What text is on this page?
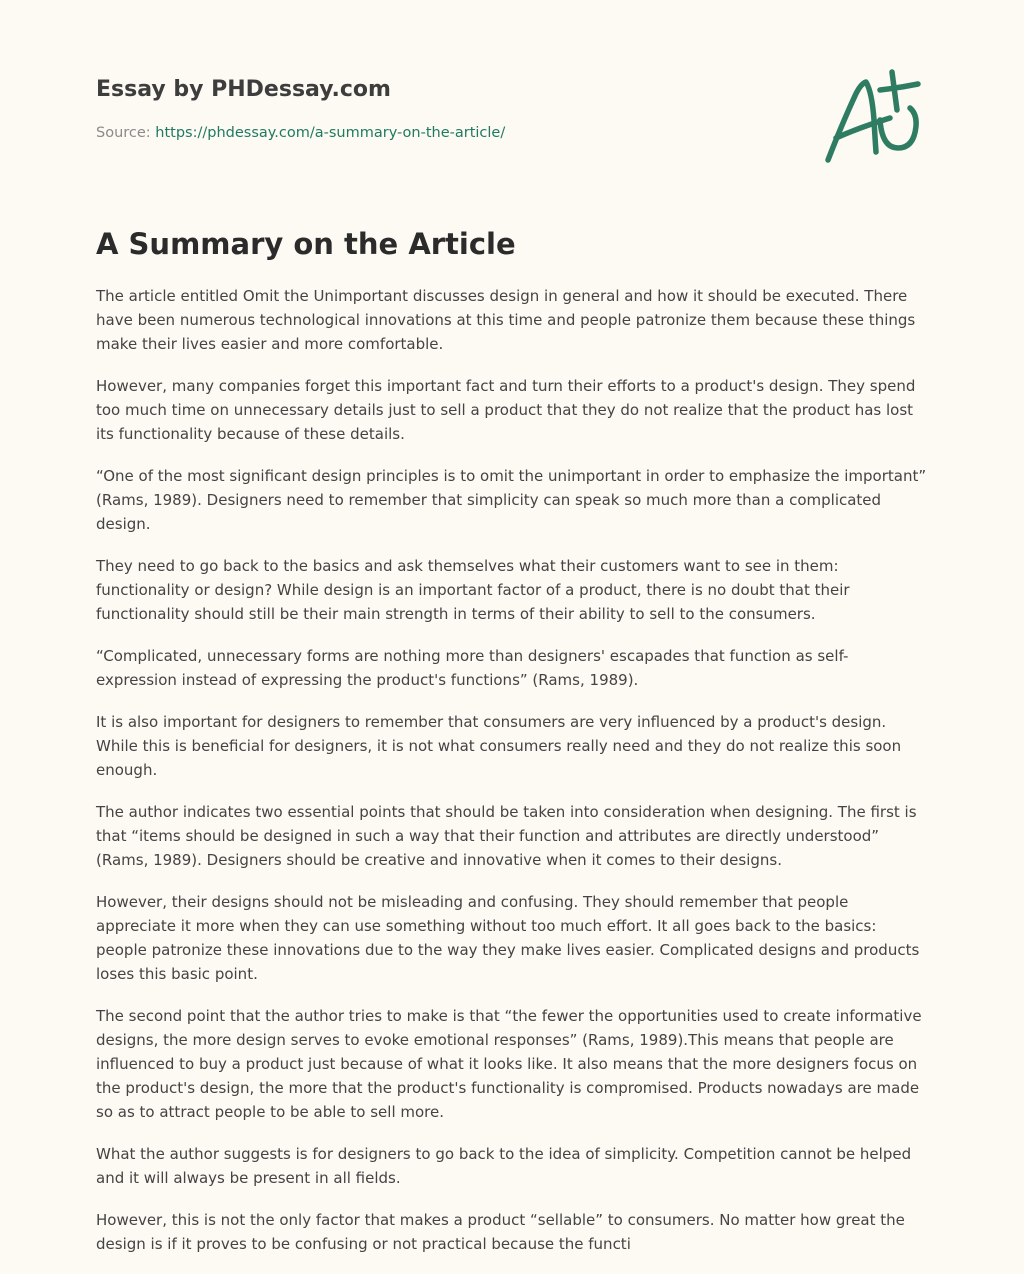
Essay by PHDessay.com
Source: https://phdessay.com/a-summary-on-the-article/
A Summary on the Article

The article entitled Omit the Unimportant discusses design in general and how it should be executed. There have been numerous technological innovations at this time and people patronize them because these things make their lives easier and more comfortable.

However, many companies forget this important fact and turn their efforts to a product's design. They spend too much time on unnecessary details just to sell a product that they do not realize that the product has lost its functionality because of these details.

“One of the most significant design principles is to omit the unimportant in order to emphasize the important” (Rams, 1989). Designers need to remember that simplicity can speak so much more than a complicated design.

They need to go back to the basics and ask themselves what their customers want to see in them: functionality or design? While design is an important factor of a product, there is no doubt that their functionality should still be their main strength in terms of their ability to sell to the consumers.

“Complicated, unnecessary forms are nothing more than designers' escapades that function as self-expression instead of expressing the product's functions” (Rams, 1989).

It is also important for designers to remember that consumers are very influenced by a product's design. While this is beneficial for designers, it is not what consumers really need and they do not realize this soon enough.

The author indicates two essential points that should be taken into consideration when designing. The first is that “items should be designed in such a way that their function and attributes are directly understood” (Rams, 1989). Designers should be creative and innovative when it comes to their designs.

However, their designs should not be misleading and confusing. They should remember that people appreciate it more when they can use something without too much effort. It all goes back to the basics: people patronize these innovations due to the way they make lives easier. Complicated designs and products loses this basic point.

The second point that the author tries to make is that “the fewer the opportunities used to create informative designs, the more design serves to evoke emotional responses” (Rams, 1989).This means that people are influenced to buy a product just because of what it looks like. It also means that the more designers focus on the product's design, the more that the product's functionality is compromised. Products nowadays are made so as to attract people to be able to sell more.

What the author suggests is for designers to go back to the idea of simplicity. Competition cannot be helped and it will always be present in all fields.

However, this is not the only factor that makes a product “sellable” to consumers. No matter how great the design is if it proves to be confusing or not practical because the functi
